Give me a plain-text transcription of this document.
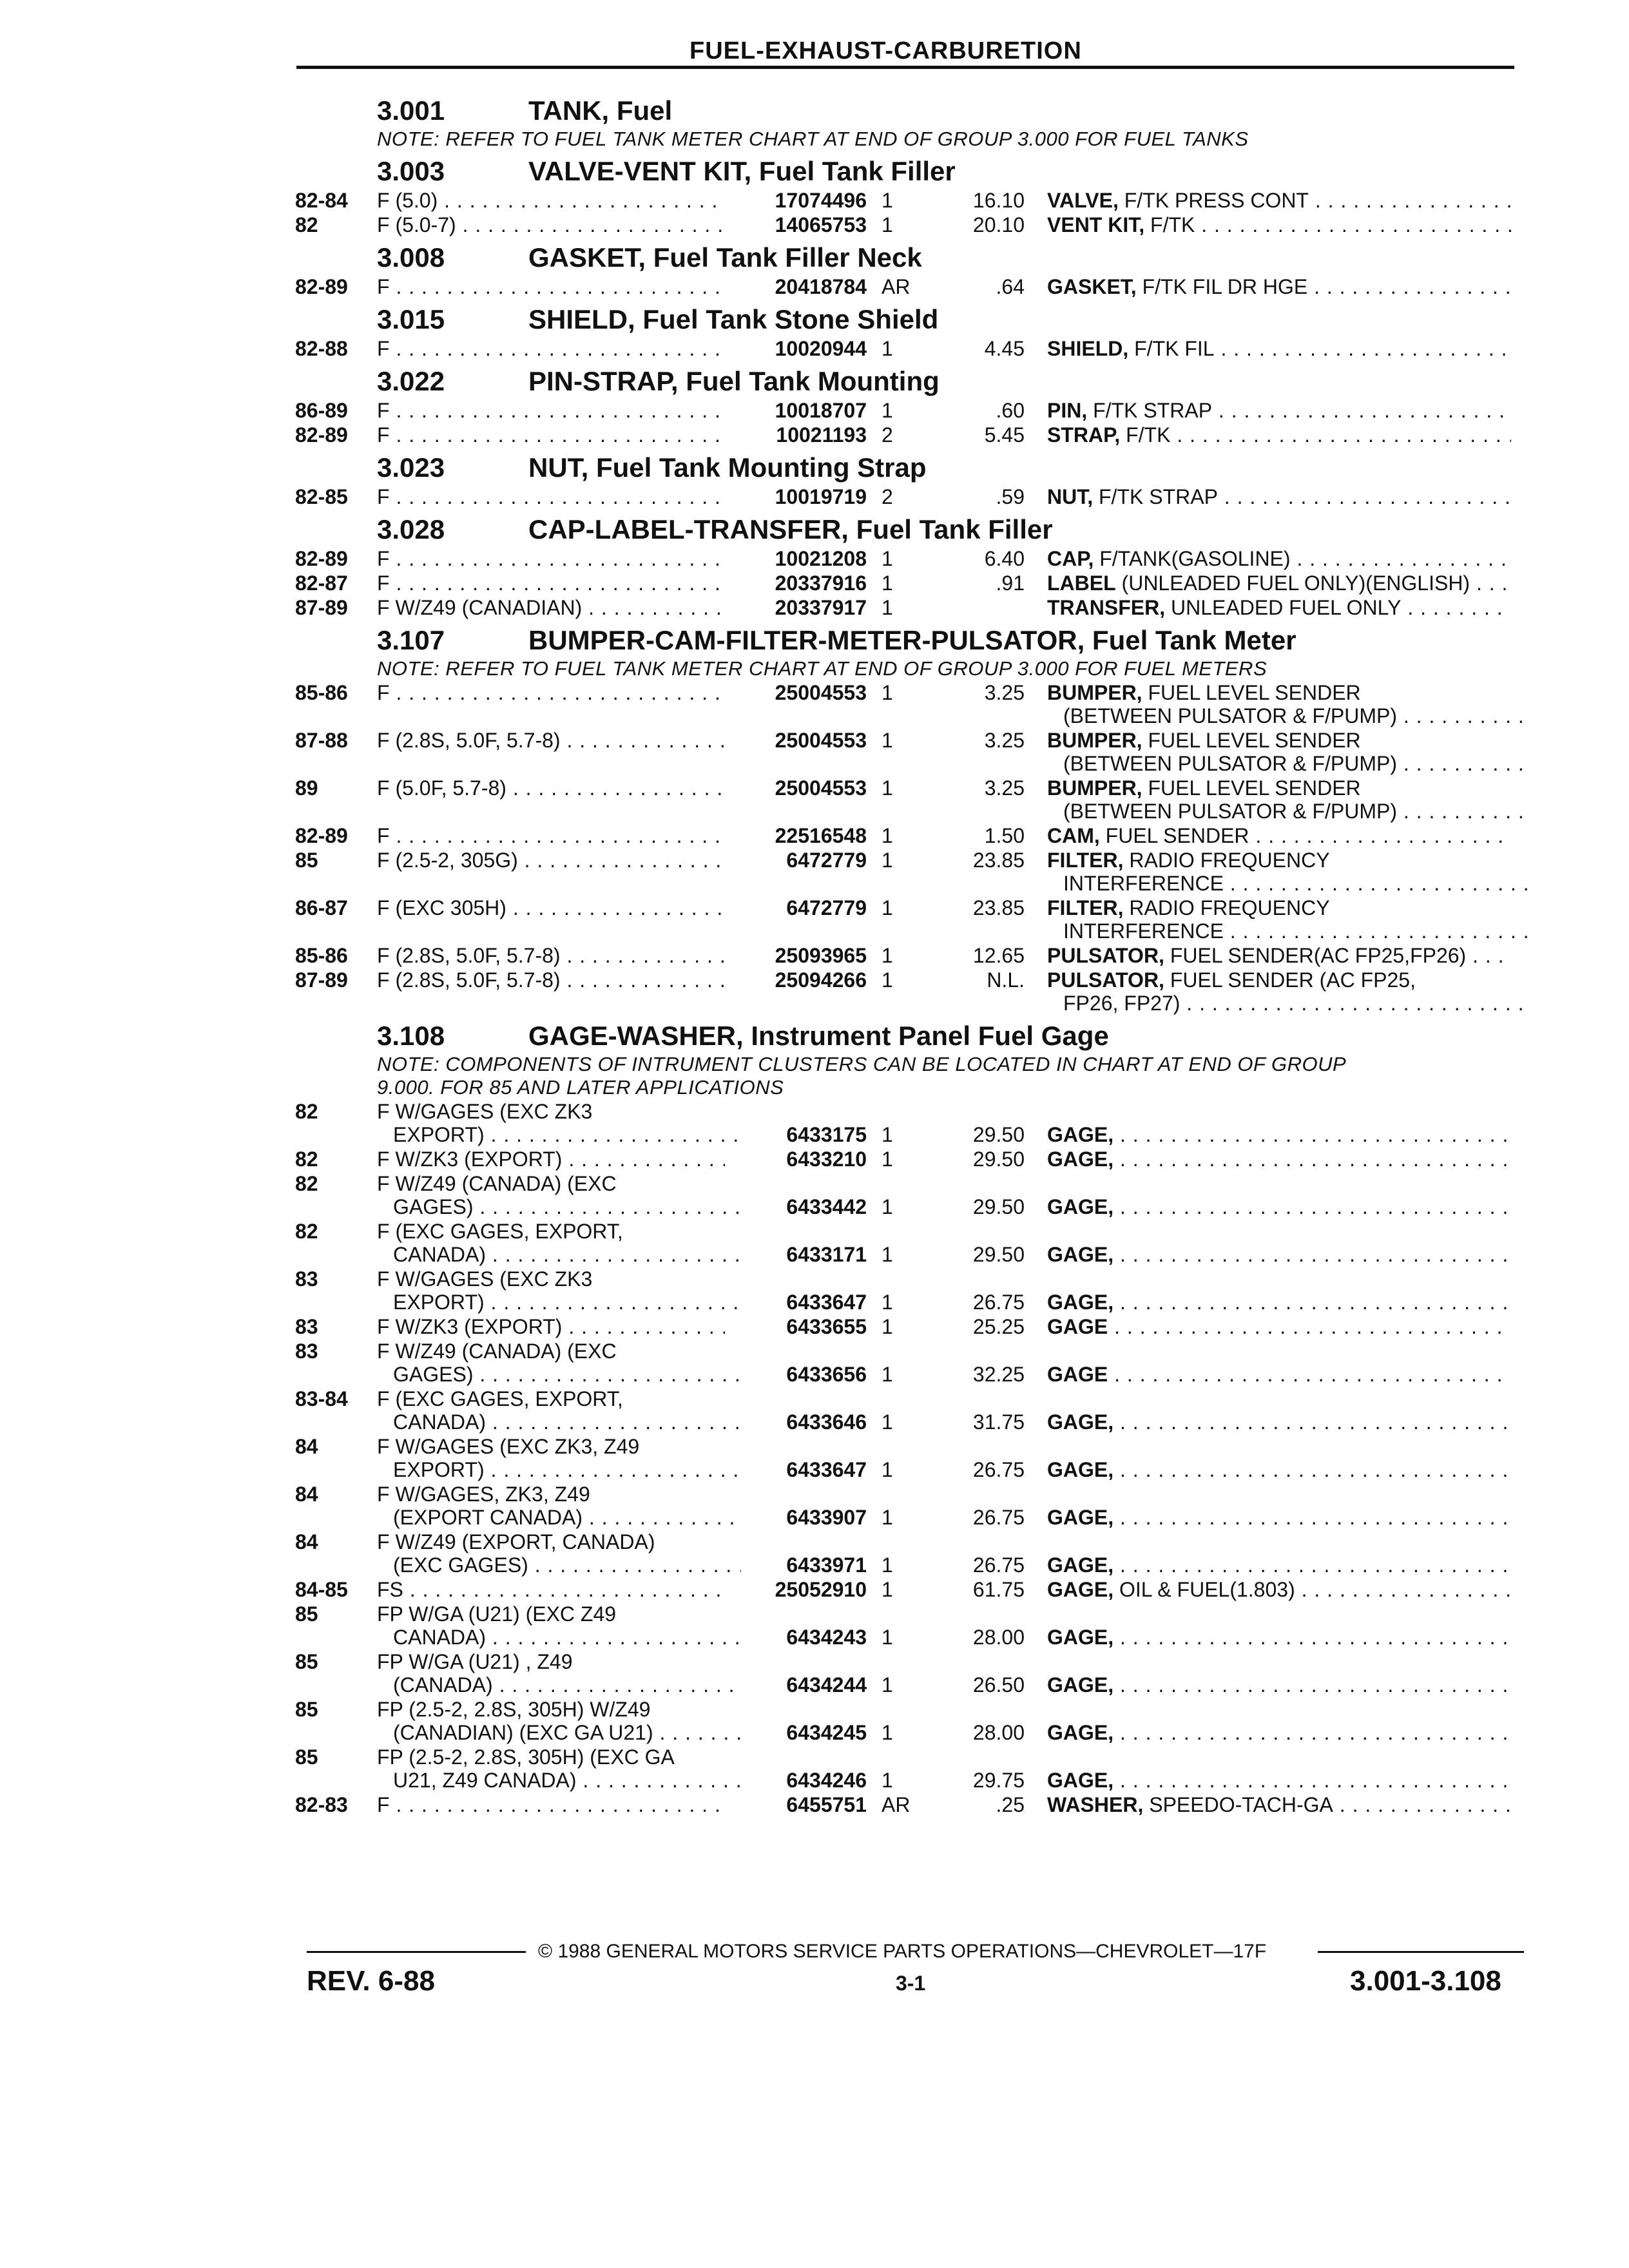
FUEL-EXHAUST-CARBURETION
3.001	TANK, Fuel
NOTE: REFER TO FUEL TANK METER CHART AT END OF GROUP 3.000 FOR FUEL TANKS
3.003	VALVE-VENT KIT, Fuel Tank Filler
82-84 F (5.0) . . .	17074496 1	16.10 VALVE, F/TK PRESS CONT . . .
82	F (5.0-7) . . .	14065753 1	20.10 VENT KIT, F/TK . . .
3.008	GASKET, Fuel Tank Filler Neck
82-89 F . . .	20418784 AR	.64 GASKET, F/TK FIL DR HGE . . .
3.015	SHIELD, Fuel Tank Stone Shield
82-88 F . . .	10020944 1	4.45 SHIELD, F/TK FIL . . .
3.022	PIN-STRAP, Fuel Tank Mounting
86-89 F . . .	10018707 1	.60 PIN, F/TK STRAP . . .
82-89 F . . .	10021193 2	5.45 STRAP, F/TK . . .
3.023	NUT, Fuel Tank Mounting Strap
82-85 F . . .	10019719 2	.59 NUT, F/TK STRAP . . .
3.028	CAP-LABEL-TRANSFER, Fuel Tank Filler
82-89 F . . .	10021208 1	6.40 CAP, F/TANK(GASOLINE) . . .
82-87 F . . .	20337916 1	.91 LABEL (UNLEADED FUEL ONLY)(ENGLISH) . . .
87-89 F W/Z49 (CANADIAN) . . .	20337917 1	TRANSFER, UNLEADED FUEL ONLY . . .
3.107	BUMPER-CAM-FILTER-METER-PULSATOR, Fuel Tank Meter
NOTE: REFER TO FUEL TANK METER CHART AT END OF GROUP 3.000 FOR FUEL METERS
85-86 F . . .	25004553 1	3.25 BUMPER, FUEL LEVEL SENDER
(BETWEEN PULSATOR & F/PUMP) . . .
87-88 F (2.8S, 5.0F, 5.7-8) . . .	25004553 1	3.25 BUMPER, FUEL LEVEL SENDER
(BETWEEN PULSATOR & F/PUMP) . . .
89	F (5.0F, 5.7-8) . . .	25004553 1	3.25 BUMPER, FUEL LEVEL SENDER
(BETWEEN PULSATOR & F/PUMP) . . .
82-89 F . . .	22516548 1	1.50 CAM, FUEL SENDER . . .
85	F (2.5-2, 305G) . . .	6472779 1	23.85 FILTER, RADIO FREQUENCY
INTERFERENCE . . .
86-87 F (EXC 305H) . . .	6472779 1	23.85 FILTER, RADIO FREQUENCY
INTERFERENCE . . .
85-86 F (2.8S, 5.0F, 5.7-8) . . .	25093965 1	12.65 PULSATOR, FUEL SENDER(AC FP25,FP26) . . .
87-89 F (2.8S, 5.0F, 5.7-8) . . .	25094266 1	N.L. PULSATOR, FUEL SENDER (AC FP25,
FP26, FP27) . . .
3.108	GAGE-WASHER, Instrument Panel Fuel Gage
NOTE: COMPONENTS OF INTRUMENT CLUSTERS CAN BE LOCATED IN CHART AT END OF GROUP
9.000. FOR 85 AND LATER APPLICATIONS
82	F W/GAGES (EXC ZK3
EXPORT) . . .	6433175 1	29.50 GAGE, . . .
82	F W/ZK3 (EXPORT) . . .	6433210 1	29.50 GAGE, . . .
82	F W/Z49 (CANADA) (EXC
GAGES) . . .	6433442 1	29.50 GAGE, . . .
82	F (EXC GAGES, EXPORT,
CANADA) . . .	6433171 1	29.50 GAGE, . . .
83	F W/GAGES (EXC ZK3
EXPORT) . . .	6433647 1	26.75 GAGE, . . .
83	F W/ZK3 (EXPORT) . . .	6433655 1	25.25 GAGE . . .
83	F W/Z49 (CANADA) (EXC
GAGES) . . .	6433656 1	32.25 GAGE . . .
83-84 F (EXC GAGES, EXPORT,
CANADA) . . .	6433646 1	31.75 GAGE, . . .
84	F W/GAGES (EXC ZK3, Z49
EXPORT) . . .	6433647 1	26.75 GAGE, . . .
84	F W/GAGES, ZK3, Z49
(EXPORT CANADA) . . .	6433907 1	26.75 GAGE, . . .
84	F W/Z49 (EXPORT, CANADA)
(EXC GAGES) . . .	6433971 1	26.75 GAGE, . . .
84-85 FS . . .	25052910 1	61.75 GAGE, OIL & FUEL(1.803) . . .
85	FP W/GA (U21) (EXC Z49
CANADA) . . .	6434243 1	28.00 GAGE, . . .
85	FP W/GA (U21) , Z49
(CANADA) . . .	6434244 1	26.50 GAGE, . . .
85	FP (2.5-2, 2.8S, 305H) W/Z49
(CANADIAN) (EXC GA U21) . . .	6434245 1	28.00 GAGE, . . .
85	FP (2.5-2, 2.8S, 305H) (EXC GA
U21, Z49 CANADA) . . .	6434246 1	29.75 GAGE, . . .
82-83 F . . .	6455751 AR	.25 WASHER, SPEEDO-TACH-GA . . .
© 1988 GENERAL MOTORS SERVICE PARTS OPERATIONS—CHEVROLET—17F
REV. 6-88	3-1	3.001-3.108
